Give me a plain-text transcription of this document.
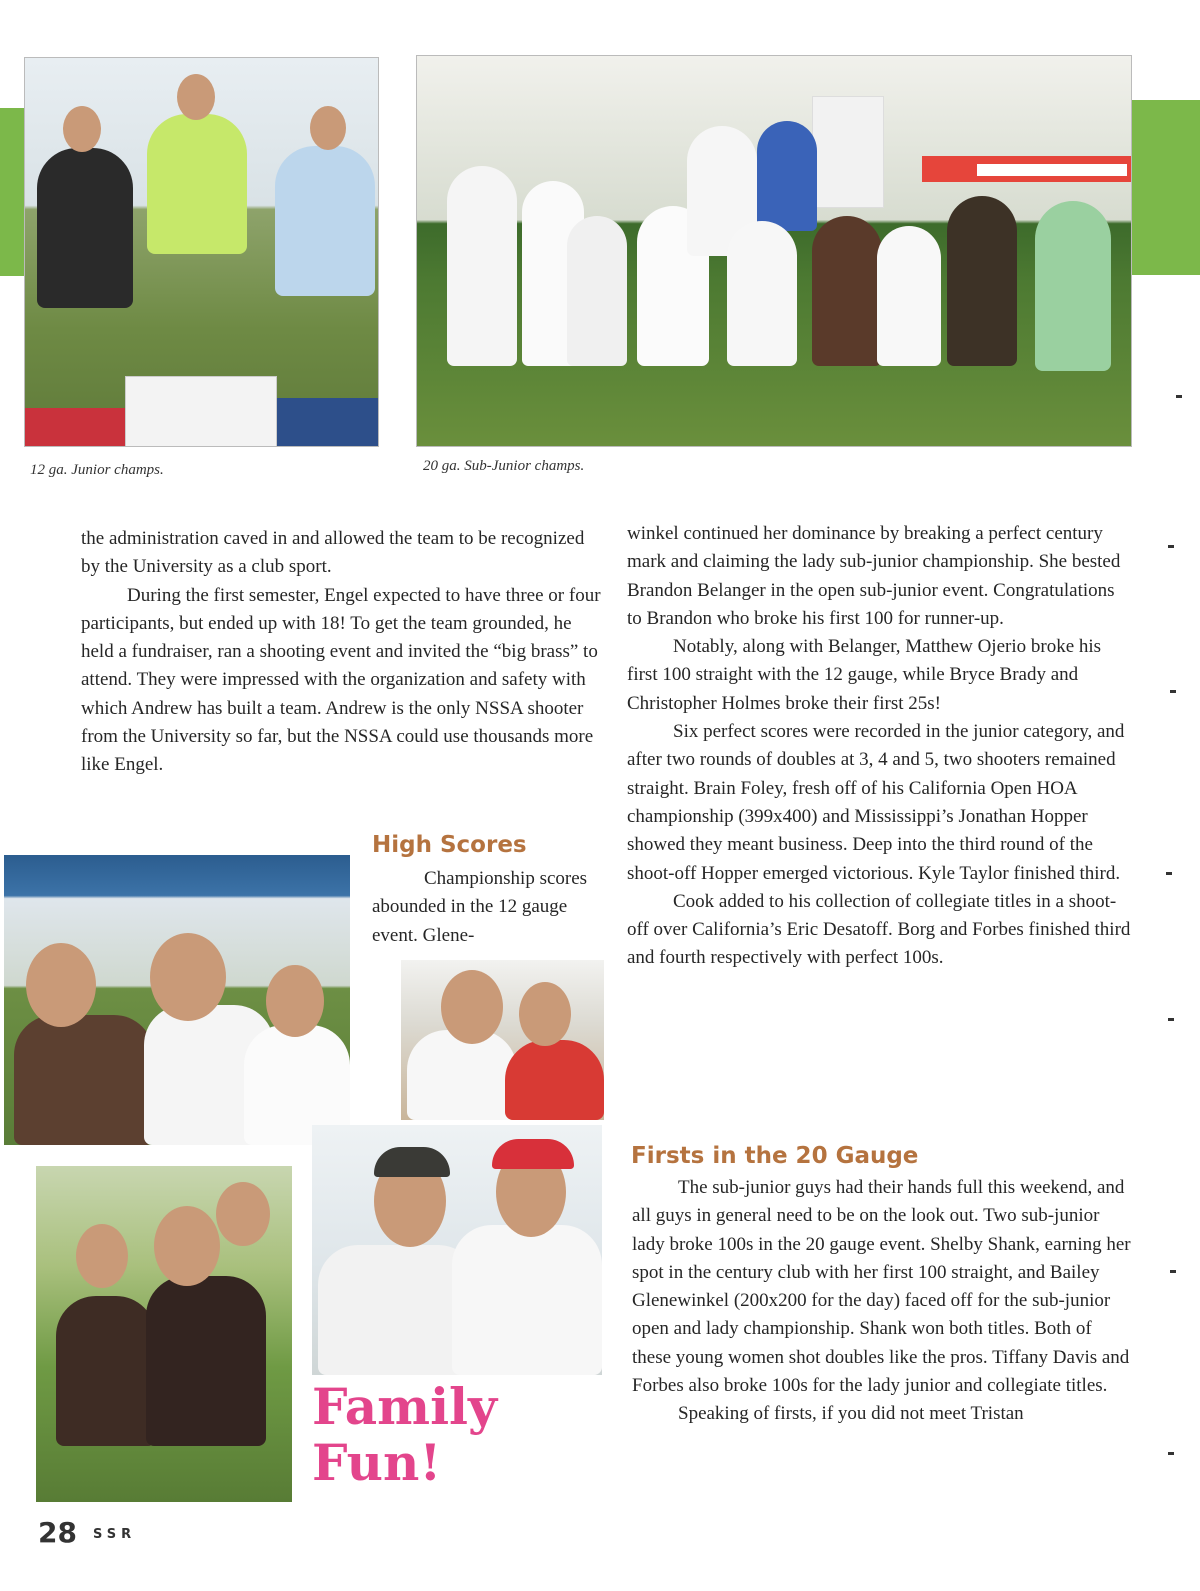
12 ga. Junior champs.	20 ga. Sub-Junior champs.

the administration caved in and allowed the team to be recognized by the University as a club sport.

During the first semester, Engel expected to have three or four participants, but ended up with 18! To get the team grounded, he held a fundraiser, ran a shooting event and invited the “big brass” to attend. They were impressed with the organization and safety with which Andrew has built a team. Andrew is the only NSSA shooter from the University so far, but the NSSA could use thousands more like Engel.

High Scores

Championship scores abounded in the 12 gauge event. Glene-

Family
Fun!

winkel continued her dominance by breaking a perfect century mark and claiming the lady sub-junior championship. She bested Brandon Belanger in the open sub-junior event. Congratulations to Brandon who broke his first 100 for runner-up.

Notably, along with Belanger, Matthew Ojerio broke his first 100 straight with the 12 gauge, while Bryce Brady and Christopher Holmes broke their first 25s!

Six perfect scores were recorded in the junior category, and after two rounds of doubles at 3, 4 and 5, two shooters remained straight. Brain Foley, fresh off of his California Open HOA championship (399x400) and Mississippi’s Jonathan Hopper showed they meant business. Deep into the third round of the shoot-off Hopper emerged victorious. Kyle Taylor finished third.

Cook added to his collection of collegiate titles in a shoot-off over California’s Eric Desatoff. Borg and Forbes finished third and fourth respectively with perfect 100s.

Firsts in the 20 Gauge

The sub-junior guys had their hands full this weekend, and all guys in general need to be on the look out. Two sub-junior lady broke 100s in the 20 gauge event. Shelby Shank, earning her spot in the century club with her first 100 straight, and Bailey Glenewinkel (200x200 for the day) faced off for the sub-junior open and lady championship. Shank won both titles. Both of these young women shot doubles like the pros. Tiffany Davis and Forbes also broke 100s for the lady junior and collegiate titles.

Speaking of firsts, if you did not meet Tristan

28 SSR
